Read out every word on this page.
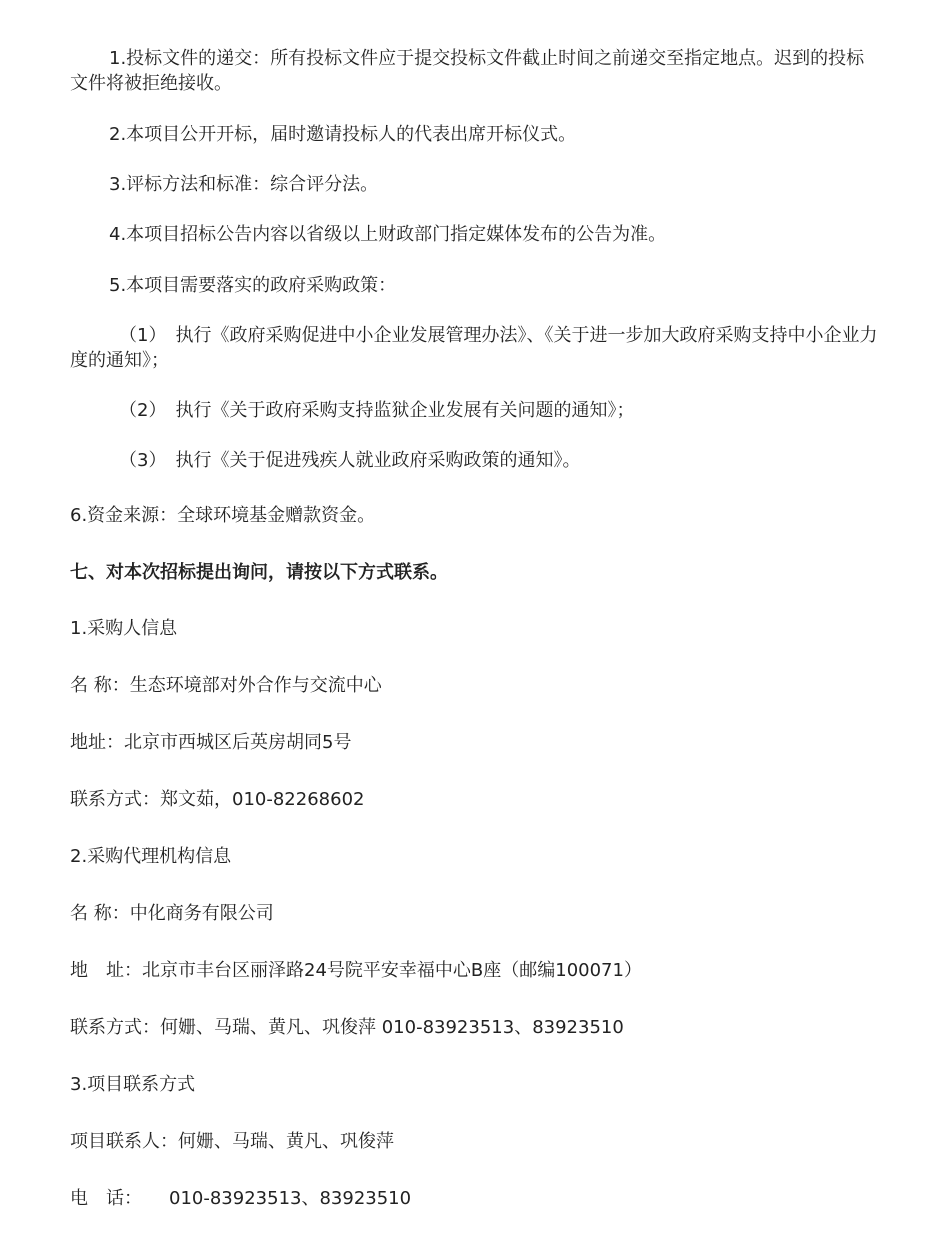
1.投标文件的递交：所有投标文件应于提交投标文件截止时间之前递交至指定地点。迟到的投标文件将被拒绝接收。
2.本项目公开开标，届时邀请投标人的代表出席开标仪式。
3.评标方法和标准：综合评分法。
4.本项目招标公告内容以省级以上财政部门指定媒体发布的公告为准。
5.本项目需要落实的政府采购政策：
（1）　执行《政府采购促进中小企业发展管理办法》、《关于进一步加大政府采购支持中小企业力度的通知》；
（2）　执行《关于政府采购支持监狱企业发展有关问题的通知》；
（3）　执行《关于促进残疾人就业政府采购政策的通知》。
6.资金来源：全球环境基金赠款资金。
七、对本次招标提出询问，请按以下方式联系。
1.采购人信息
名 称：生态环境部对外合作与交流中心
地址：北京市西城区后英房胡同5号
联系方式：郑文茹，010-82268602
2.采购代理机构信息
名 称：中化商务有限公司
地　址：北京市丰台区丽泽路24号院平安幸福中心B座（邮编100071）
联系方式：何姗、马瑞、黄凡、巩俊萍 010-83923513、83923510
3.项目联系方式
项目联系人：何姗、马瑞、黄凡、巩俊萍
电　话：　　010-83923513、83923510
